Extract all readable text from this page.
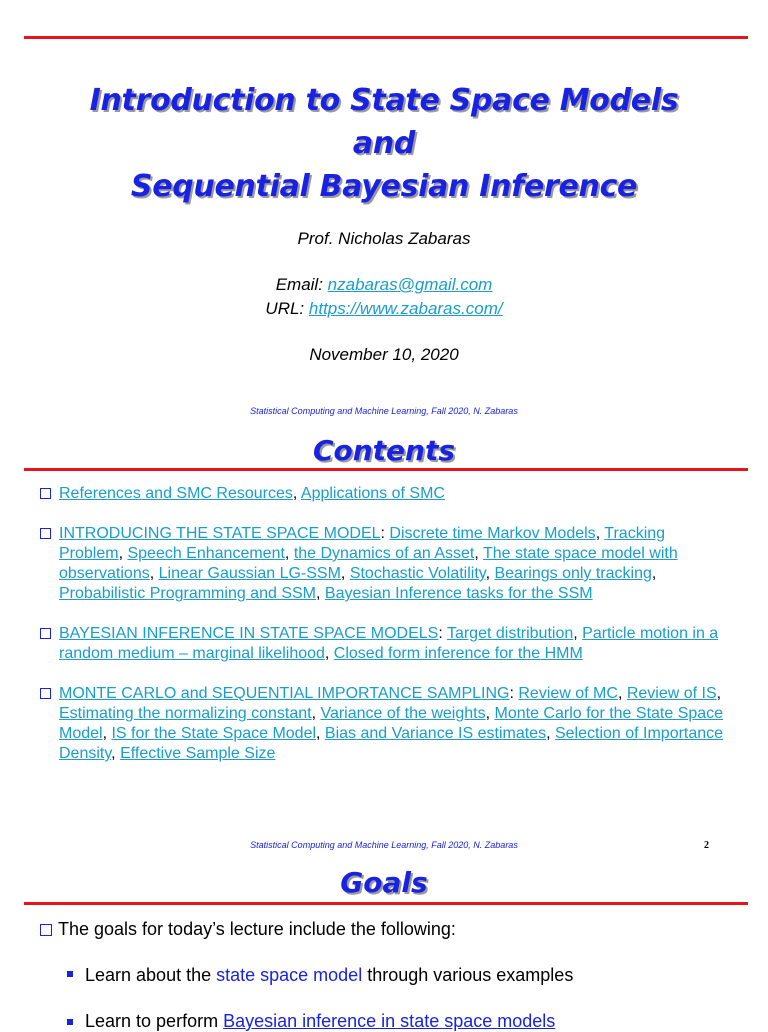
Introduction to State Space Models
and
Sequential Bayesian Inference
Prof. Nicholas Zabaras
Email: nzabaras@gmail.com
URL: https://www.zabaras.com/
November 10, 2020
Statistical Computing and Machine Learning, Fall 2020, N. Zabaras
Contents
References and SMC Resources, Applications of SMC
INTRODUCING THE STATE SPACE MODEL: Discrete time Markov Models, Tracking Problem, Speech Enhancement, the Dynamics of an Asset, The state space model with observations, Linear Gaussian LG-SSM, Stochastic Volatility, Bearings only tracking, Probabilistic Programming and SSM, Bayesian Inference tasks for the SSM
BAYESIAN INFERENCE IN STATE SPACE MODELS: Target distribution, Particle motion in a random medium – marginal likelihood, Closed form inference for the HMM
MONTE CARLO and SEQUENTIAL IMPORTANCE SAMPLING: Review of MC, Review of IS, Estimating the normalizing constant, Variance of the weights, Monte Carlo for the State Space Model, IS for the State Space Model, Bias and Variance IS estimates, Selection of Importance Density, Effective Sample Size
Statistical Computing and Machine Learning, Fall 2020, N. Zabaras	2
Goals
The goals for today’s lecture include the following:
Learn about the state space model through various examples
Learn to perform Bayesian inference in state space models
